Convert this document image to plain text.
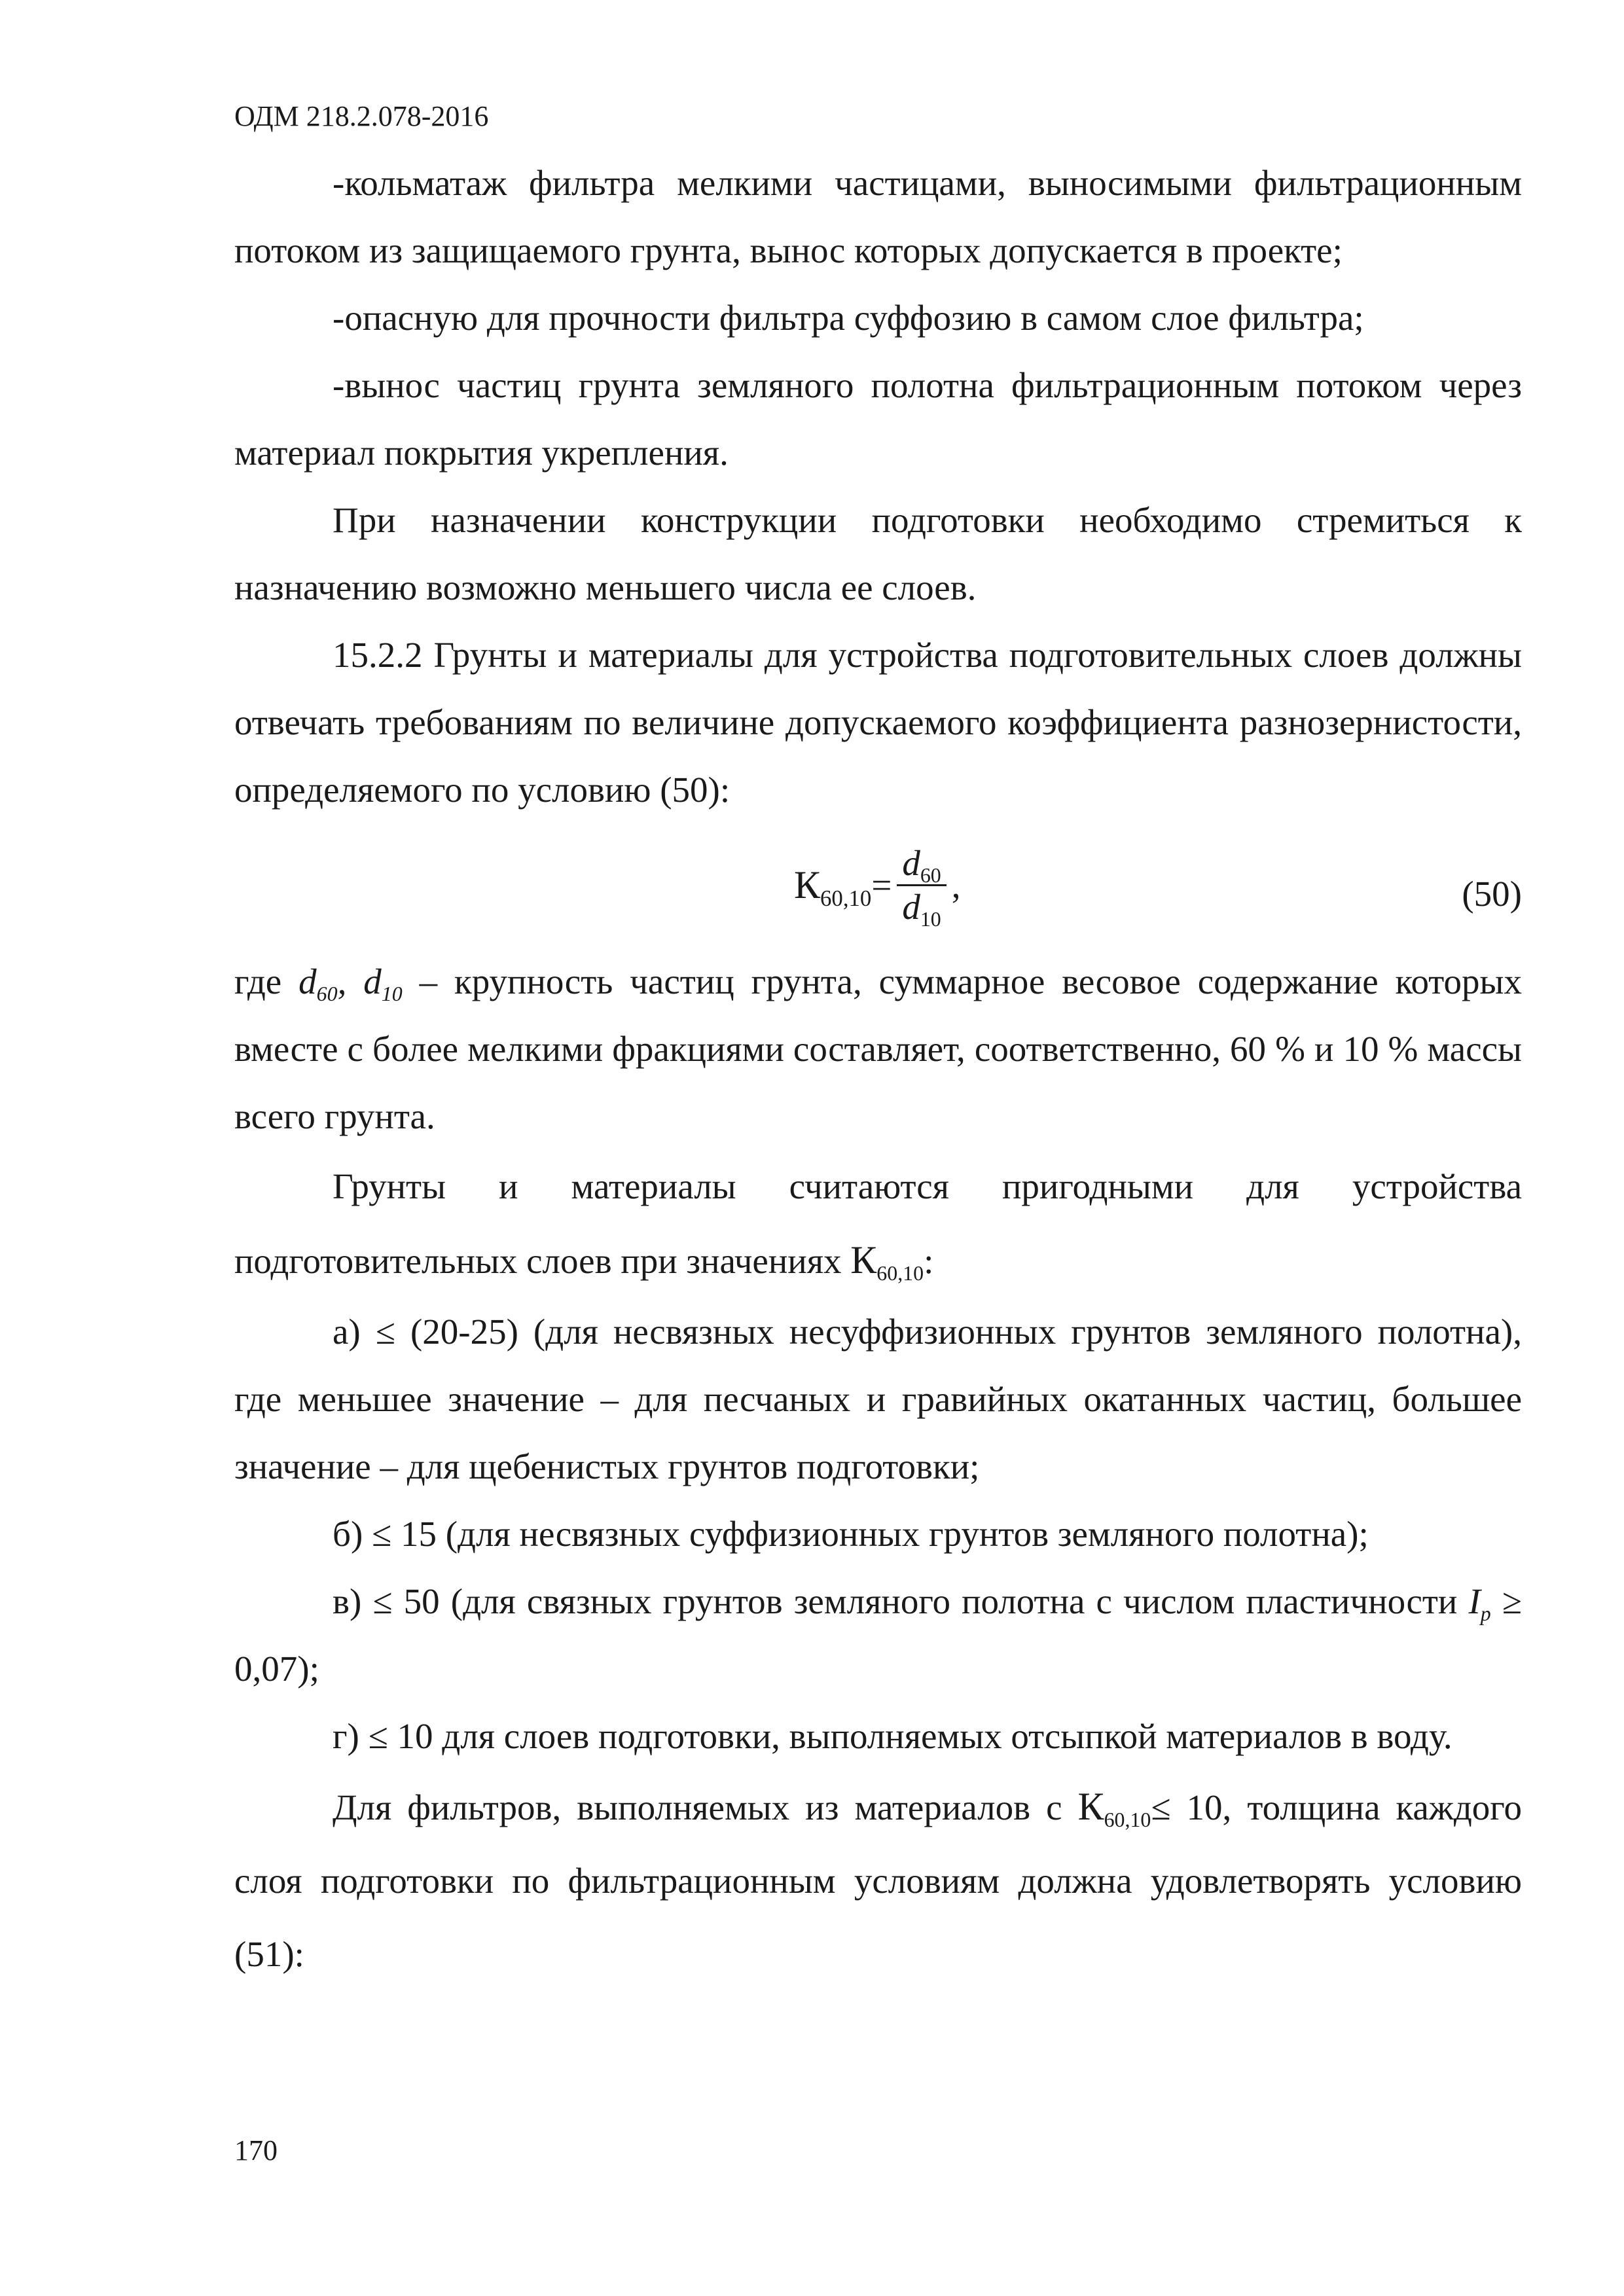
ОДМ 218.2.078-2016

-кольматаж фильтра мелкими частицами, выносимыми фильтрационным потоком из защищаемого грунта, вынос которых допускается в проекте;

-опасную для прочности фильтра суффозию в самом слое фильтра;

-вынос частиц грунта земляного полотна фильтрационным потоком через материал покрытия укрепления.

При назначении конструкции подготовки необходимо стремиться к назначению возможно меньшего числа ее слоев.

15.2.2 Грунты и материалы для устройства подготовительных слоев должны отвечать требованиям по величине допускаемого коэффициента разнозернистости, определяемого по условию (50):

$К_{60,10} = \frac{d_{60}}{d_{10}}$ ,	(50)

где $d_{60}$, $d_{10}$ – крупность частиц грунта, суммарное весовое содержание которых вместе с более мелкими фракциями составляет, соответственно, 60 % и 10 % массы всего грунта.

Грунты и материалы считаются пригодными для устройства подготовительных слоев при значениях $К_{60,10}$:

а) ≤ (20-25) (для несвязных несуффизионных грунтов земляного полотна), где меньшее значение – для песчаных и гравийных окатанных частиц, большее значение – для щебенистых грунтов подготовки;

б) ≤ 15 (для несвязных суффизионных грунтов земляного полотна);

в) ≤ 50 (для связных грунтов земляного полотна с числом пластичности $I_p \ge 0,07$);

г) ≤ 10 для слоев подготовки, выполняемых отсыпкой материалов в воду.

Для фильтров, выполняемых из материалов с $К_{60,10}\le 10$, толщина каждого слоя подготовки по фильтрационным условиям должна удовлетворять условию (51):

170
